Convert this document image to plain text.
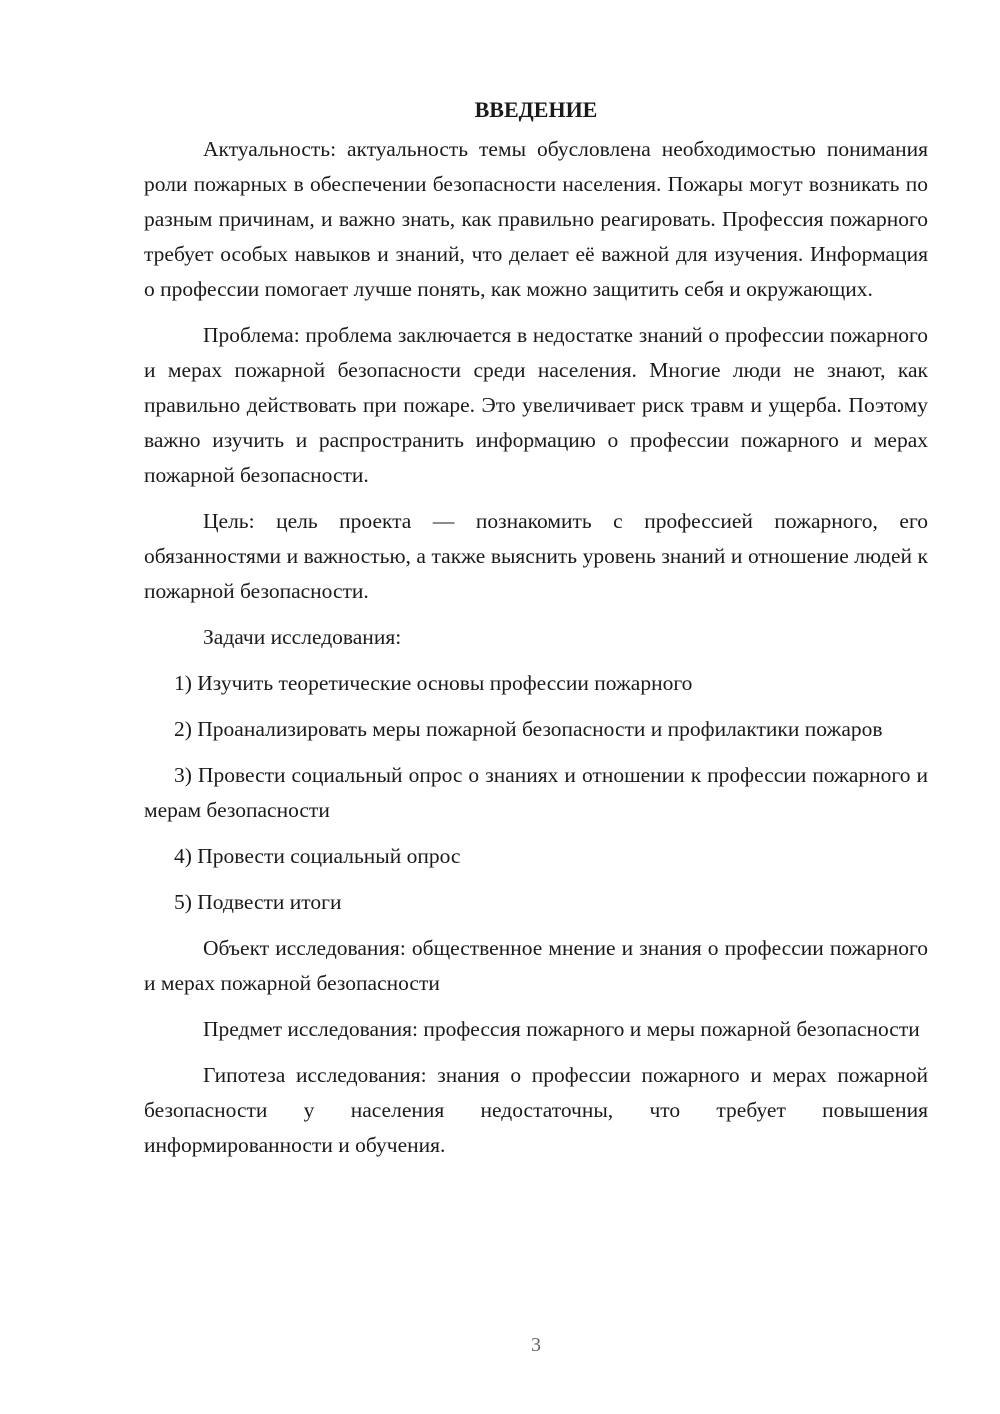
ВВЕДЕНИЕ

Актуальность: актуальность темы обусловлена необходимостью понимания роли пожарных в обеспечении безопасности населения. Пожары могут возникать по разным причинам, и важно знать, как правильно реагировать. Профессия пожарного требует особых навыков и знаний, что делает её важной для изучения. Информация о профессии помогает лучше понять, как можно защитить себя и окружающих.

Проблема: проблема заключается в недостатке знаний о профессии пожарного и мерах пожарной безопасности среди населения. Многие люди не знают, как правильно действовать при пожаре. Это увеличивает риск травм и ущерба. Поэтому важно изучить и распространить информацию о профессии пожарного и мерах пожарной безопасности.

Цель: цель проекта — познакомить с профессией пожарного, его обязанностями и важностью, а также выяснить уровень знаний и отношение людей к пожарной безопасности.

Задачи исследования:

1) Изучить теоретические основы профессии пожарного

2) Проанализировать меры пожарной безопасности и профилактики пожаров

3) Провести социальный опрос о знаниях и отношении к профессии пожарного и мерам безопасности

4) Провести социальный опрос

5) Подвести итоги

Объект исследования: общественное мнение и знания о профессии пожарного и мерах пожарной безопасности

Предмет исследования: профессия пожарного и меры пожарной безопасности

Гипотеза исследования: знания о профессии пожарного и мерах пожарной безопасности у населения недостаточны, что требует повышения информированности и обучения.

3
